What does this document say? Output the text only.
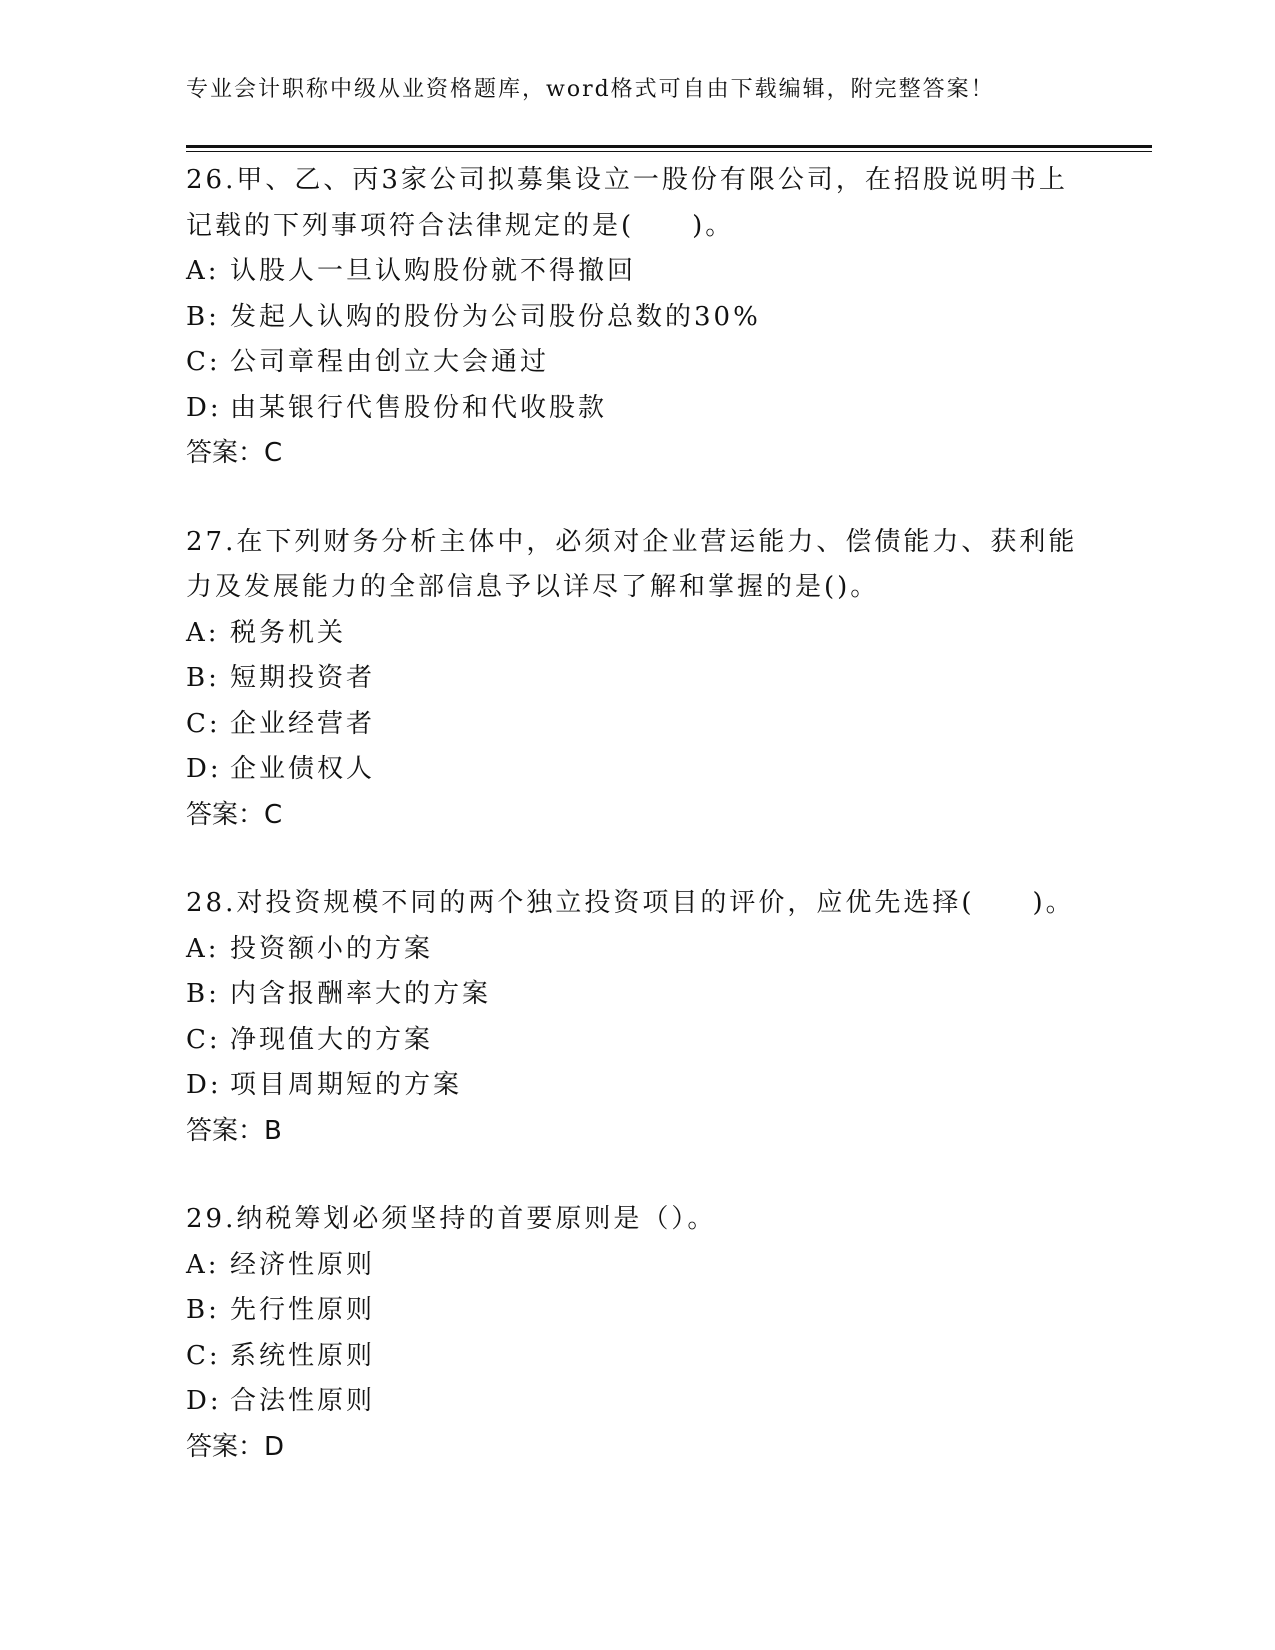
专业会计职称中级从业资格题库，word格式可自由下载编辑，附完整答案！

26.甲、乙、丙3家公司拟募集设立一股份有限公司，在招股说明书上记载的下列事项符合法律规定的是(　　)。

A: 认股人一旦认购股份就不得撤回
B: 发起人认购的股份为公司股份总数的30%
C: 公司章程由创立大会通过
D: 由某银行代售股份和代收股款
答案：C

27.在下列财务分析主体中，必须对企业营运能力、偿债能力、获利能力及发展能力的全部信息予以详尽了解和掌握的是()。

A: 税务机关
B: 短期投资者
C: 企业经营者
D: 企业债权人
答案：C

28.对投资规模不同的两个独立投资项目的评价，应优先选择(　　)。

A: 投资额小的方案
B: 内含报酬率大的方案
C: 净现值大的方案
D: 项目周期短的方案
答案：B

29.纳税筹划必须坚持的首要原则是（）。

A: 经济性原则
B: 先行性原则
C: 系统性原则
D: 合法性原则
答案：D
